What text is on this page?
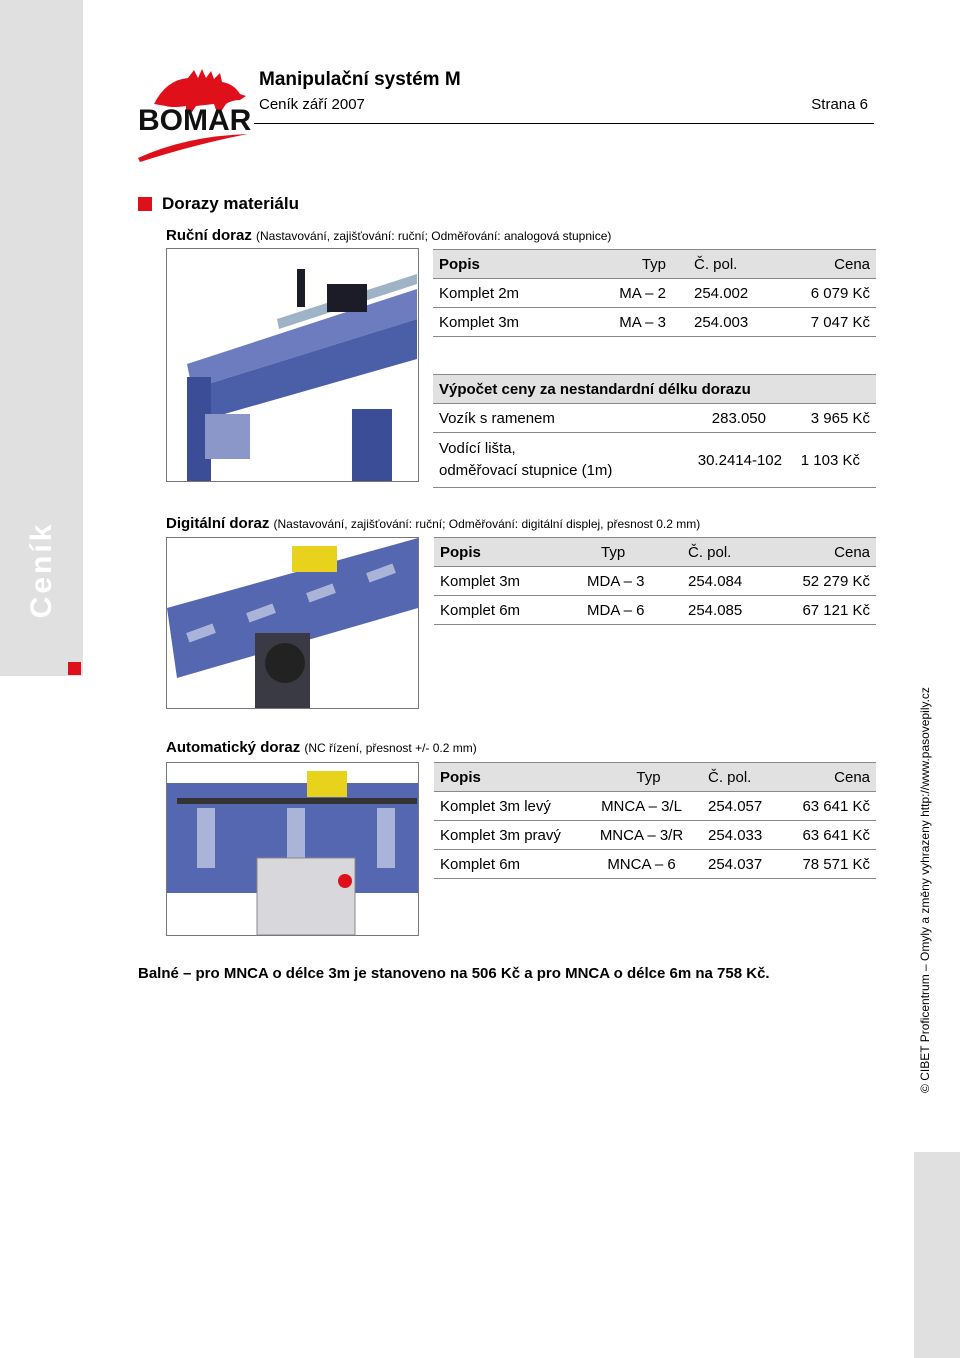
Ceník
© CIBET Proficentrum – Omyly a změny vyhrazeny http://www.pasovepily.cz
BOMAR
Manipulační systém M
Ceník září 2007	Strana 6
Dorazy materiálu
Ruční doraz (Nastavování, zajišťování: ruční; Odměřování: analogová stupnice)
Popis	Typ	Č. pol.	Cena
Komplet 2m	MA – 2	254.002	6 079 Kč
Komplet 3m	MA – 3	254.003	7 047 Kč
Výpočet ceny za nestandardní délku dorazu		
Vozík s ramenem	283.050	3 965 Kč

Vodící lišta,
odměřovací stupnice (1m)	30.2414-102	1 103 Kč
Digitální doraz (Nastavování, zajišťování: ruční; Odměřování: digitální displej, přesnost 0.2 mm)
Popis	Typ	Č. pol.	Cena
Komplet 3m	MDA – 3	254.084	52 279 Kč
Komplet 6m	MDA – 6	254.085	67 121 Kč
Automatický doraz (NC řízení, přesnost +/- 0.2 mm)
Popis	Typ	Č. pol.	Cena
Komplet 3m levý	MNCA – 3/L	254.057	63 641 Kč
Komplet 3m pravý	MNCA – 3/R	254.033	63 641 Kč
Komplet 6m	MNCA – 6	254.037	78 571 Kč
Balné – pro MNCA o délce 3m je stanoveno na 506 Kč a pro MNCA o délce 6m na 758 Kč.
